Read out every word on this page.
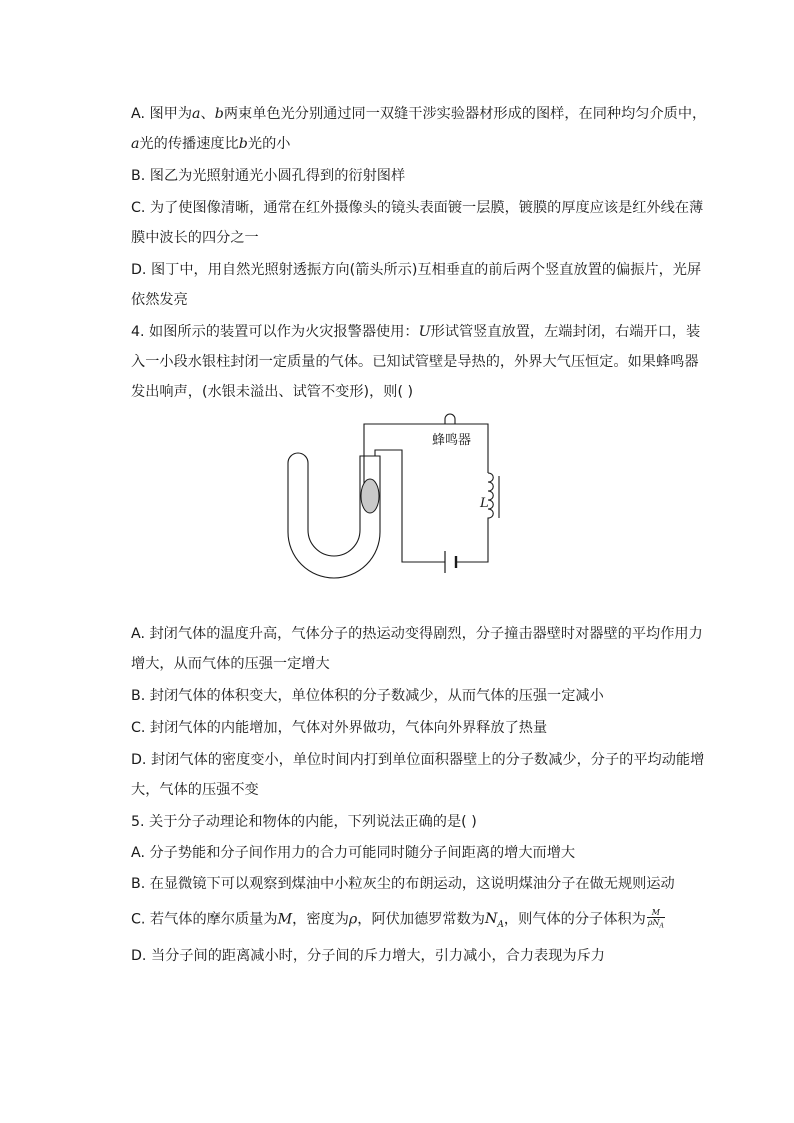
A. 图甲为a、b两束单色光分别通过同一双缝干涉实验器材形成的图样，在同种均匀介质中，
a光的传播速度比b光的小
B. 图乙为光照射通光小圆孔得到的衍射图样
C. 为了使图像清晰，通常在红外摄像头的镜头表面镀一层膜，镀膜的厚度应该是红外线在薄
膜中波长的四分之一
D. 图丁中，用自然光照射透振方向(箭头所示)互相垂直的前后两个竖直放置的偏振片，光屏
依然发亮
4. 如图所示的装置可以作为火灾报警器使用：U形试管竖直放置，左端封闭，右端开口，装
入一小段水银柱封闭一定质量的气体。已知试管壁是导热的，外界大气压恒定。如果蜂鸣器
发出响声，(水银未溢出、试管不变形)，则( )
蜂鸣器
L
A. 封闭气体的温度升高，气体分子的热运动变得剧烈，分子撞击器壁时对器壁的平均作用力
增大，从而气体的压强一定增大
B. 封闭气体的体积变大，单位体积的分子数减少，从而气体的压强一定减小
C. 封闭气体的内能增加，气体对外界做功，气体向外界释放了热量
D. 封闭气体的密度变小，单位时间内打到单位面积器壁上的分子数减少，分子的平均动能增
大，气体的压强不变
5. 关于分子动理论和物体的内能，下列说法正确的是( )
A. 分子势能和分子间作用力的合力可能同时随分子间距离的增大而增大
B. 在显微镜下可以观察到煤油中小粒灰尘的布朗运动，这说明煤油分子在做无规则运动
C. 若气体的摩尔质量为M，密度为ρ，阿伏加德罗常数为$N_A$，则气体的分子体积为 $\frac{M}{\rho N_A}$
D. 当分子间的距离减小时，分子间的斥力增大，引力减小，合力表现为斥力
